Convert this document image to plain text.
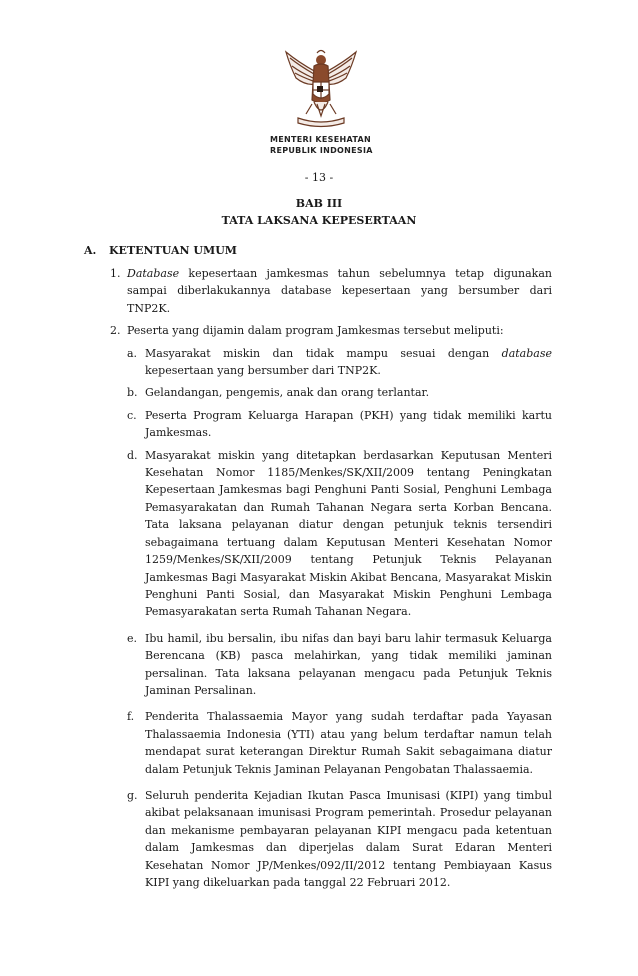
MENTERI KESEHATAN
REPUBLIK INDONESIA
- 13 -
BAB III
TATA LAKSANA KEPESERTAAN
A. KETENTUAN UMUM
1. Database kepesertaan jamkesmas tahun sebelumnya tetap digunakan sampai diberlakukannya database kepesertaan yang bersumber dari TNP2K.
2. Peserta yang dijamin dalam program Jamkesmas tersebut meliputi:
a. Masyarakat miskin dan tidak mampu sesuai dengan database kepesertaan yang bersumber dari TNP2K.
b. Gelandangan, pengemis, anak dan orang terlantar.
c. Peserta Program Keluarga Harapan (PKH) yang tidak memiliki kartu Jamkesmas.
d. Masyarakat miskin yang ditetapkan berdasarkan Keputusan Menteri Kesehatan Nomor 1185/Menkes/SK/XII/2009 tentang Peningkatan Kepesertaan Jamkesmas bagi Penghuni Panti Sosial, Penghuni Lembaga Pemasyarakatan dan Rumah Tahanan Negara serta Korban Bencana. Tata laksana pelayanan diatur dengan petunjuk teknis tersendiri sebagaimana tertuang dalam Keputusan Menteri Kesehatan Nomor 1259/Menkes/SK/XII/2009 tentang Petunjuk Teknis Pelayanan Jamkesmas Bagi Masyarakat Miskin Akibat Bencana, Masyarakat Miskin Penghuni Panti Sosial, dan Masyarakat Miskin Penghuni Lembaga Pemasyarakatan serta Rumah Tahanan Negara.
e. Ibu hamil, ibu bersalin, ibu nifas dan bayi baru lahir termasuk Keluarga Berencana (KB) pasca melahirkan, yang tidak memiliki jaminan persalinan. Tata laksana pelayanan mengacu pada Petunjuk Teknis Jaminan Persalinan.
f. Penderita Thalassaemia Mayor yang sudah terdaftar pada Yayasan Thalassaemia Indonesia (YTI) atau yang belum terdaftar namun telah mendapat surat keterangan Direktur Rumah Sakit sebagaimana diatur dalam Petunjuk Teknis Jaminan Pelayanan Pengobatan Thalassaemia.
g. Seluruh penderita Kejadian Ikutan Pasca Imunisasi (KIPI) yang timbul akibat pelaksanaan imunisasi Program pemerintah. Prosedur pelayanan dan mekanisme pembayaran pelayanan KIPI mengacu pada ketentuan dalam Jamkesmas dan diperjelas dalam Surat Edaran Menteri Kesehatan Nomor JP/Menkes/092/II/2012 tentang Pembiayaan Kasus KIPI yang dikeluarkan pada tanggal 22 Februari 2012.
